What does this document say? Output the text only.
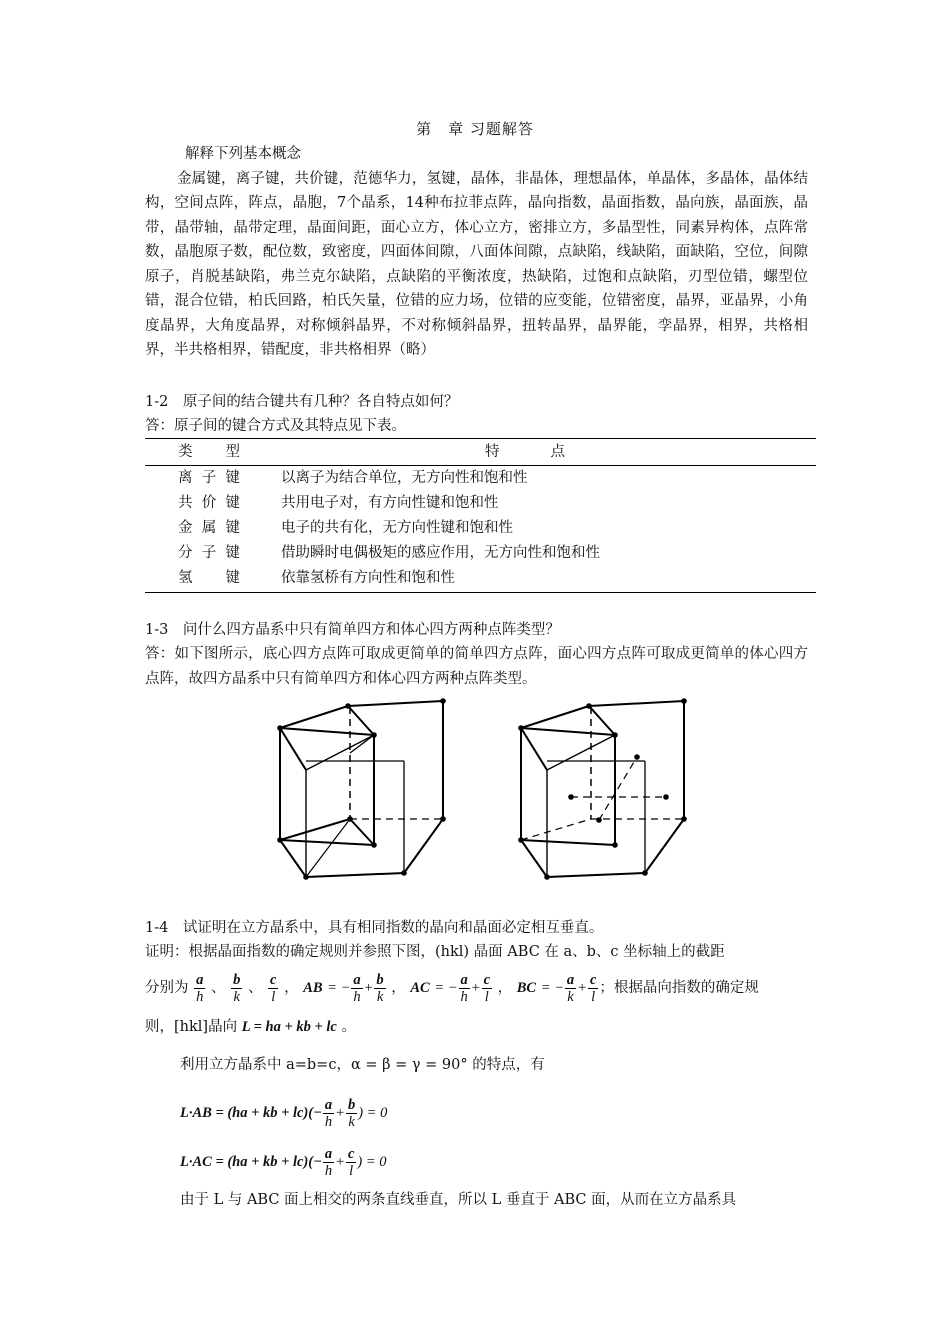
第　章 习题解答
解释下列基本概念
金属键，离子键，共价键，范德华力，氢键，晶体，非晶体，理想晶体，单晶体，多晶体，晶体结构，空间点阵，阵点，晶胞，7个晶系，14种布拉菲点阵，晶向指数，晶面指数，晶向族，晶面族，晶带，晶带轴，晶带定理，晶面间距，面心立方，体心立方，密排立方，多晶型性，同素异构体，点阵常数，晶胞原子数，配位数，致密度，四面体间隙，八面体间隙，点缺陷，线缺陷，面缺陷，空位，间隙原子，肖脱基缺陷，弗兰克尔缺陷，点缺陷的平衡浓度，热缺陷，过饱和点缺陷，刃型位错，螺型位错，混合位错，柏氏回路，柏氏矢量，位错的应力场，位错的应变能，位错密度，晶界，亚晶界，小角度晶界，大角度晶界，对称倾斜晶界，不对称倾斜晶界，扭转晶界，晶界能，孪晶界，相界，共格相界，半共格相界，错配度，非共格相界（略）
1-2　原子间的结合键共有几种？各自特点如何？
答：原子间的键合方式及其特点见下表。
类型	特点
离子键	以离子为结合单位，无方向性和饱和性
共价键	共用电子对，有方向性键和饱和性
金属键	电子的共有化，无方向性键和饱和性
分子键	借助瞬时电偶极矩的感应作用，无方向性和饱和性
氢键	依靠氢桥有方向性和饱和性
1-3　问什么四方晶系中只有简单四方和体心四方两种点阵类型？
答：如下图所示，底心四方点阵可取成更简单的简单四方点阵，面心四方点阵可取成更简单的体心四方点阵，故四方晶系中只有简单四方和体心四方两种点阵类型。
1-4　试证明在立方晶系中，具有相同指数的晶向和晶面必定相互垂直。
证明：根据晶面指数的确定规则并参照下图，(hkl) 晶面 ABC 在 a、b、c 坐标轴上的截距
分别为 $\frac{a}{h}$ 、 $\frac{b}{k}$ 、 $\frac{c}{l}$ ， AB = − $\frac{a}{h} + \frac{b}{k}$ ， AC = − $\frac{a}{h} + \frac{c}{l}$ ， BC = − $\frac{a}{k} + \frac{c}{l}$ ；根据晶向指数的确定规
则，[hkl]晶向 L = ha + kb + lc 。
利用立方晶系中 a=b=c，α = β = γ = 90° 的特点，有
L·AB = (ha + kb + $lc)(- \frac{a}{h} + \frac{b}{k}$ ) = 0
L·AC = (ha + kb + $lc)(- \frac{a}{h} + \frac{c}{l}$ ) = 0
由于 L 与 ABC 面上相交的两条直线垂直，所以 L 垂直于 ABC 面，从而在立方晶系具
